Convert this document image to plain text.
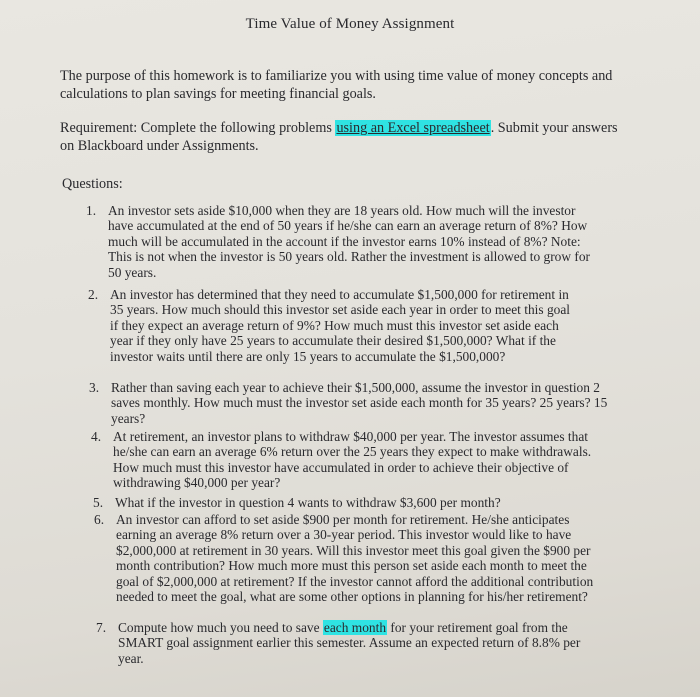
Time Value of Money Assignment
The purpose of this homework is to familiarize you with using time value of money concepts and calculations to plan savings for meeting financial goals.
Requirement: Complete the following problems using an Excel spreadsheet. Submit your answers on Blackboard under Assignments.
Questions:
1. An investor sets aside $10,000 when they are 18 years old. How much will the investor have accumulated at the end of 50 years if he/she can earn an average return of 8%? How much will be accumulated in the account if the investor earns 10% instead of 8%? Note: This is not when the investor is 50 years old. Rather the investment is allowed to grow for 50 years.
2. An investor has determined that they need to accumulate $1,500,000 for retirement in 35 years. How much should this investor set aside each year in order to meet this goal if they expect an average return of 9%? How much must this investor set aside each year if they only have 25 years to accumulate their desired $1,500,000? What if the investor waits until there are only 15 years to accumulate the $1,500,000?
3. Rather than saving each year to achieve their $1,500,000, assume the investor in question 2 saves monthly. How much must the investor set aside each month for 35 years? 25 years? 15 years?
4. At retirement, an investor plans to withdraw $40,000 per year. The investor assumes that he/she can earn an average 6% return over the 25 years they expect to make withdrawals. How much must this investor have accumulated in order to achieve their objective of withdrawing $40,000 per year?
5. What if the investor in question 4 wants to withdraw $3,600 per month?
6. An investor can afford to set aside $900 per month for retirement. He/she anticipates earning an average 8% return over a 30-year period. This investor would like to have $2,000,000 at retirement in 30 years. Will this investor meet this goal given the $900 per month contribution? How much more must this person set aside each month to meet the goal of $2,000,000 at retirement? If the investor cannot afford the additional contribution needed to meet the goal, what are some other options in planning for his/her retirement?
7. Compute how much you need to save each month for your retirement goal from the SMART goal assignment earlier this semester. Assume an expected return of 8.8% per year.
